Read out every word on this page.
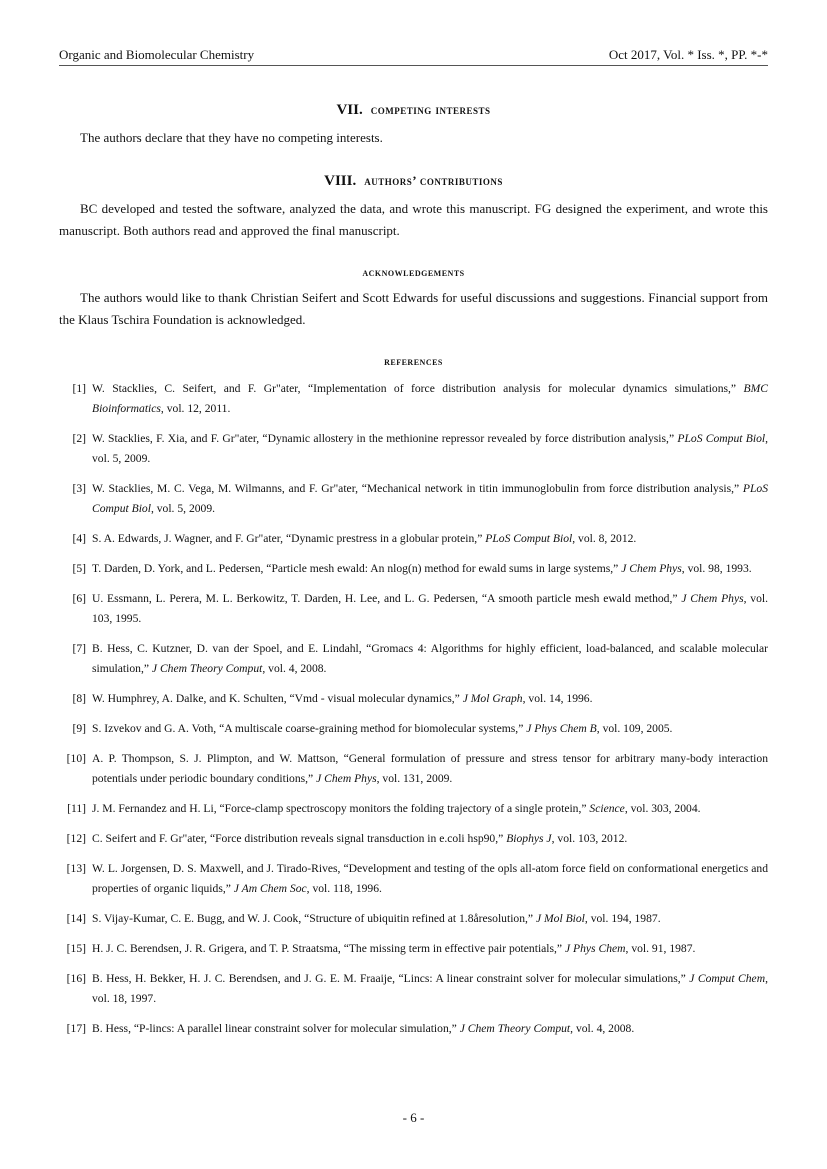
Organic and Biomolecular Chemistry	Oct 2017, Vol. * Iss. *, PP. *-*
VII. competing interests

The authors declare that they have no competing interests.

VIII. authors’ contributions

BC developed and tested the software, analyzed the data, and wrote this manuscript. FG designed the experiment, and wrote this manuscript. Both authors read and approved the final manuscript.

acknowledgements

The authors would like to thank Christian Seifert and Scott Edwards for useful discussions and suggestions. Financial support from the Klaus Tschira Foundation is acknowledged.

references
[1] W. Stacklies, C. Seifert, and F. Gr"ater, “Implementation of force distribution analysis for molecular dynamics simulations,” BMC Bioinformatics, vol. 12, 2011.
[2] W. Stacklies, F. Xia, and F. Gr"ater, “Dynamic allostery in the methionine repressor revealed by force distribution analysis,” PLoS Comput Biol, vol. 5, 2009.
[3] W. Stacklies, M. C. Vega, M. Wilmanns, and F. Gr"ater, “Mechanical network in titin immunoglobulin from force distribution analysis,” PLoS Comput Biol, vol. 5, 2009.
[4] S. A. Edwards, J. Wagner, and F. Gr"ater, “Dynamic prestress in a globular protein,” PLoS Comput Biol, vol. 8, 2012.
[5] T. Darden, D. York, and L. Pedersen, “Particle mesh ewald: An nlog(n) method for ewald sums in large systems,” J Chem Phys, vol. 98, 1993.
[6] U. Essmann, L. Perera, M. L. Berkowitz, T. Darden, H. Lee, and L. G. Pedersen, “A smooth particle mesh ewald method,” J Chem Phys, vol. 103, 1995.
[7] B. Hess, C. Kutzner, D. van der Spoel, and E. Lindahl, “Gromacs 4: Algorithms for highly efficient, load-balanced, and scalable molecular simulation,” J Chem Theory Comput, vol. 4, 2008.
[8] W. Humphrey, A. Dalke, and K. Schulten, “Vmd - visual molecular dynamics,” J Mol Graph, vol. 14, 1996.
[9] S. Izvekov and G. A. Voth, “A multiscale coarse-graining method for biomolecular systems,” J Phys Chem B, vol. 109, 2005.
[10] A. P. Thompson, S. J. Plimpton, and W. Mattson, “General formulation of pressure and stress tensor for arbitrary many-body interaction potentials under periodic boundary conditions,” J Chem Phys, vol. 131, 2009.
[11] J. M. Fernandez and H. Li, “Force-clamp spectroscopy monitors the folding trajectory of a single protein,” Science, vol. 303, 2004.
[12] C. Seifert and F. Gr"ater, “Force distribution reveals signal transduction in e.coli hsp90,” Biophys J, vol. 103, 2012.
[13] W. L. Jorgensen, D. S. Maxwell, and J. Tirado-Rives, “Development and testing of the opls all-atom force field on conformational energetics and properties of organic liquids,” J Am Chem Soc, vol. 118, 1996.
[14] S. Vijay-Kumar, C. E. Bugg, and W. J. Cook, “Structure of ubiquitin refined at 1.8åresolution,” J Mol Biol, vol. 194, 1987.
[15] H. J. C. Berendsen, J. R. Grigera, and T. P. Straatsma, “The missing term in effective pair potentials,” J Phys Chem, vol. 91, 1987.
[16] B. Hess, H. Bekker, H. J. C. Berendsen, and J. G. E. M. Fraaije, “Lincs: A linear constraint solver for molecular simulations,” J Comput Chem, vol. 18, 1997.
[17] B. Hess, “P-lincs: A parallel linear constraint solver for molecular simulation,” J Chem Theory Comput, vol. 4, 2008.
- 6 -
